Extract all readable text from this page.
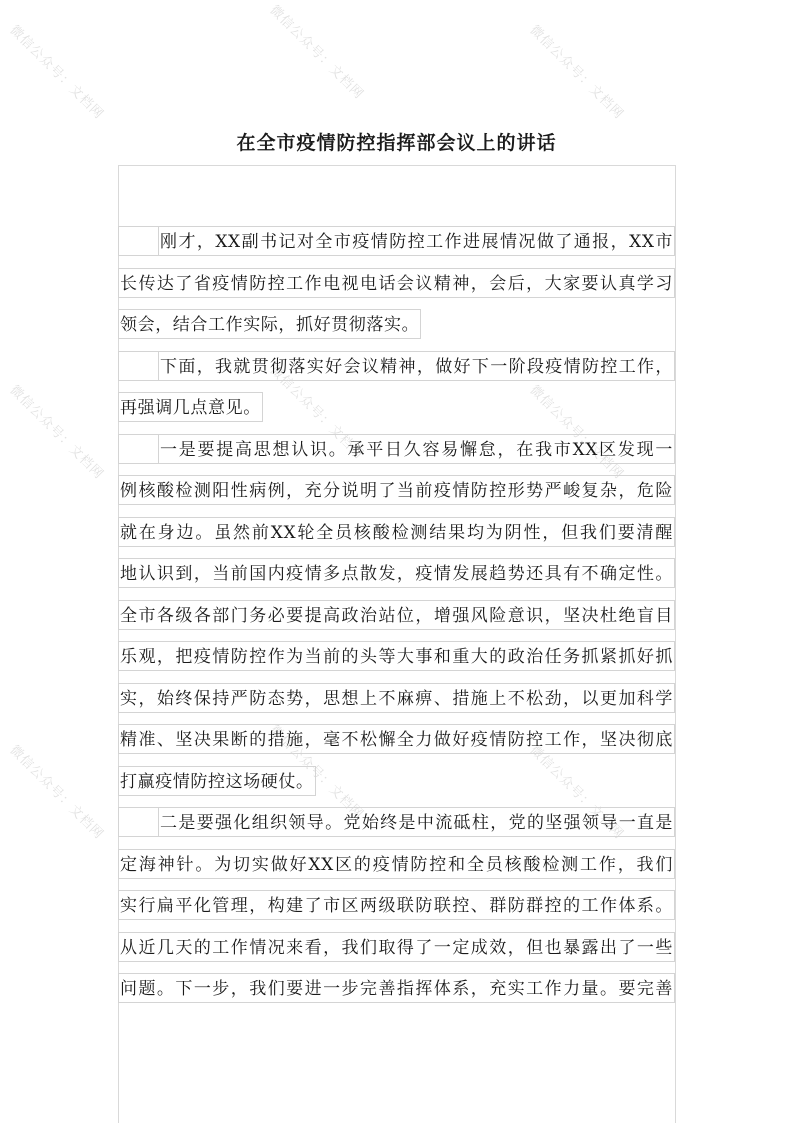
微信公众号：文档网	微信公众号：文档网	微信公众号：文档网
微信公众号：文档网	微信公众号：文档网	微信公众号：文档网
微信公众号：文档网	微信公众号：文档网	微信公众号：文档网
在全市疫情防控指挥部会议上的讲话
刚才，XX副书记对全市疫情防控工作进展情况做了通报，XX市
长传达了省疫情防控工作电视电话会议精神，会后，大家要认真学习
领会，结合工作实际，抓好贯彻落实。
下面，我就贯彻落实好会议精神，做好下一阶段疫情防控工作，
再强调几点意见。
一是要提高思想认识。承平日久容易懈怠，在我市XX区发现一
例核酸检测阳性病例，充分说明了当前疫情防控形势严峻复杂，危险
就在身边。虽然前XX轮全员核酸检测结果均为阴性，但我们要清醒
地认识到，当前国内疫情多点散发，疫情发展趋势还具有不确定性。
全市各级各部门务必要提高政治站位，增强风险意识，坚决杜绝盲目
乐观，把疫情防控作为当前的头等大事和重大的政治任务抓紧抓好抓
实，始终保持严防态势，思想上不麻痹、措施上不松劲，以更加科学
精准、坚决果断的措施，毫不松懈全力做好疫情防控工作，坚决彻底
打赢疫情防控这场硬仗。
二是要强化组织领导。党始终是中流砥柱，党的坚强领导一直是
定海神针。为切实做好XX区的疫情防控和全员核酸检测工作，我们
实行扁平化管理，构建了市区两级联防联控、群防群控的工作体系。
从近几天的工作情况来看，我们取得了一定成效，但也暴露出了一些
问题。下一步，我们要进一步完善指挥体系，充实工作力量。要完善
